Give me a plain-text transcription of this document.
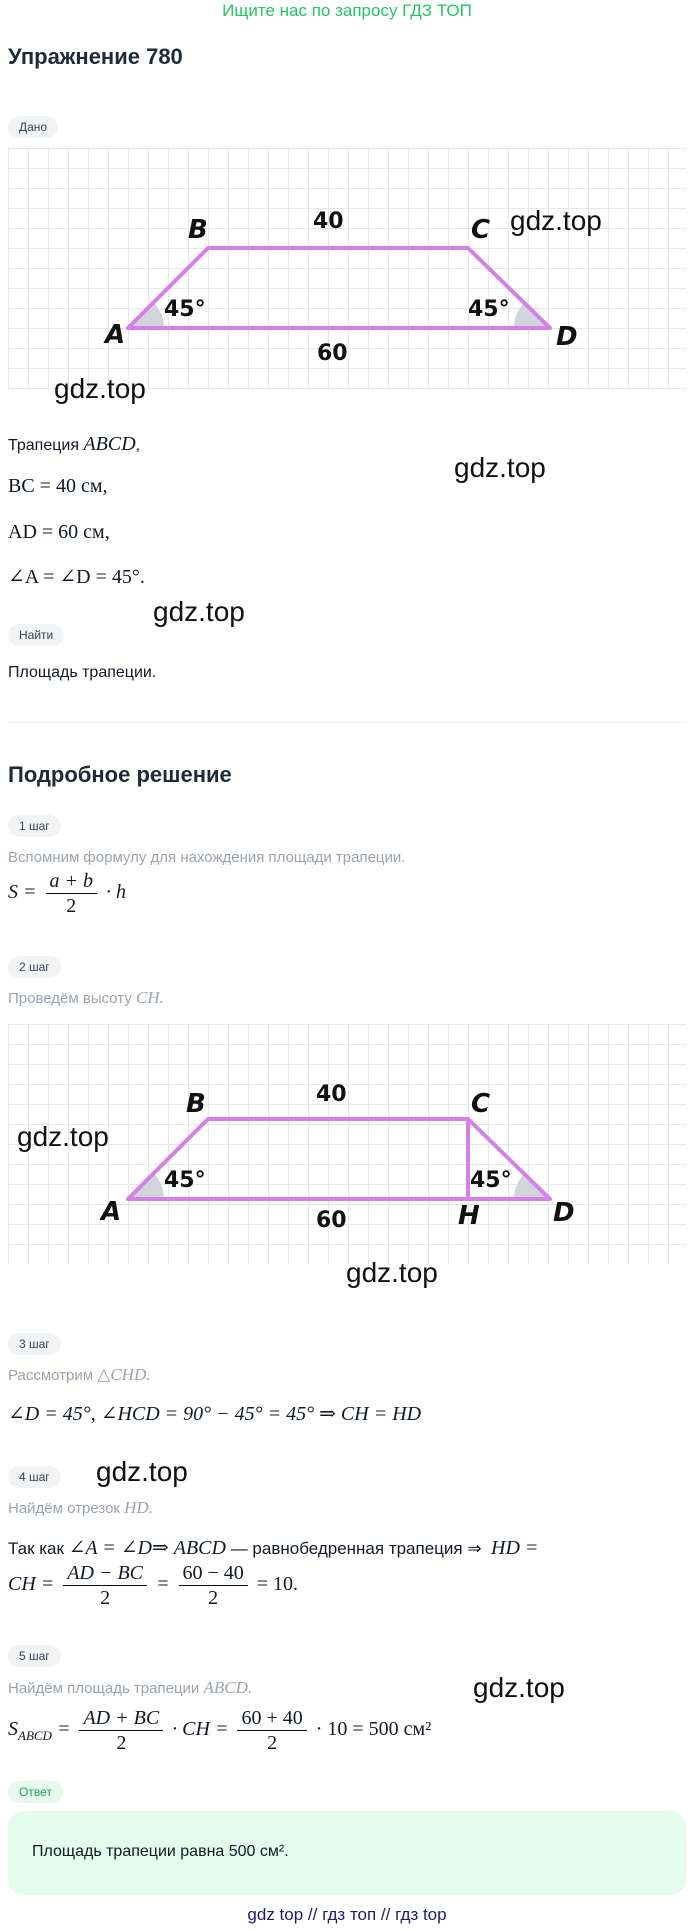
Ищите нас по запросу ГДЗ ТОП
Упражнение 780
Дано
A
B	C
D
40
60
45°	45°
Трапеция ABCD,
BC = 40 см,
AD = 60 см,
∠A = ∠D = 45°.
Найти
Площадь трапеции.
Подробное решение
1 шаг
Вспомним формулу для нахождения площади трапеции.
$S = \frac{a + b}{2} \cdot h$
2 шаг
Проведём высоту CH.
A
B	C
H	D
40
60
45°	45°
3 шаг
Рассмотрим △CHD.
∠D = 45°, ∠HCD = 90° − 45° = 45° ⇒ CH = HD
4 шаг
Найдём отрезок HD.
Так как ∠A = ∠D⇒ ABCD — равнобедренная трапеция ⇒  HD =
CH = $\frac{AD - BC}{2} = \frac{60 - 40}{2} = 10$.
5 шаг
Найдём площадь трапеции ABCD.
$S_{ABCD} = \frac{AD + BC}{2}$ · CH = $\frac{60 + 40}{2} \cdot 10 = 500$ см²
Ответ
Площадь трапеции равна 500 см².
gdz.top
gdz.top
gdz.top
gdz.top
gdz.top
gdz.top
gdz.top
gdz.top
gdz top // гдз топ // гдз top
